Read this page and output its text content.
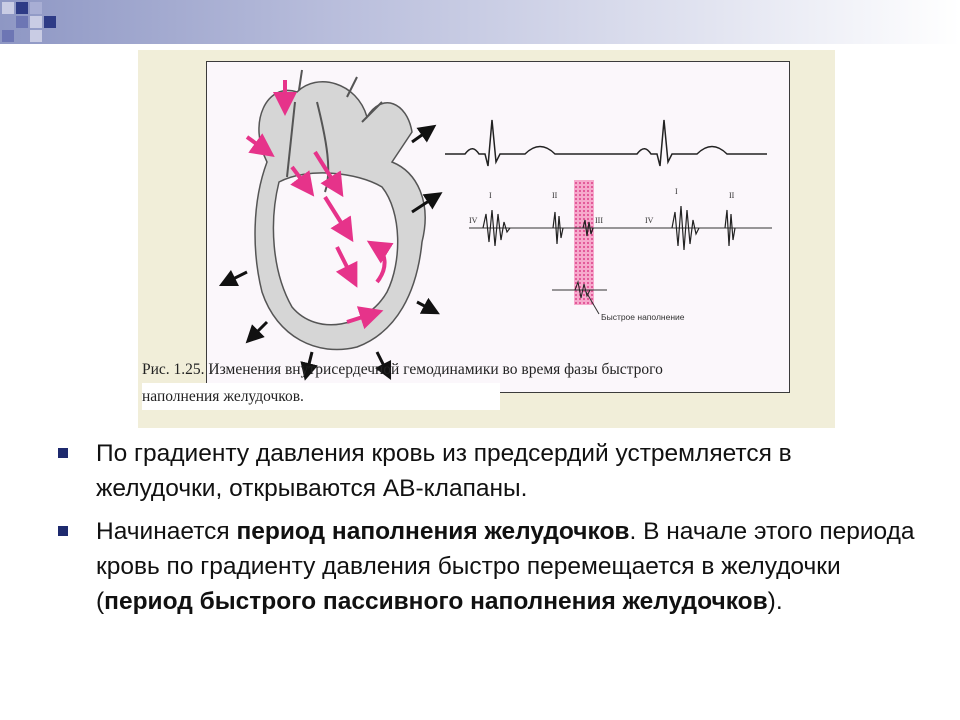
IV
I	II
III	IV
I	II
Быстрое наполнение
Рис. 1.25. Изменения внутрисердечной гемодинамики во время фазы быстрого
наполнения желудочков.
По градиенту давления кровь из предсердий устремляется в желудочки, открываются АВ-клапаны.
Начинается период наполнения желудочков. В начале этого периода кровь по градиенту давления быстро перемещается в желудочки (период быстрого пассивного наполнения желудочков).
